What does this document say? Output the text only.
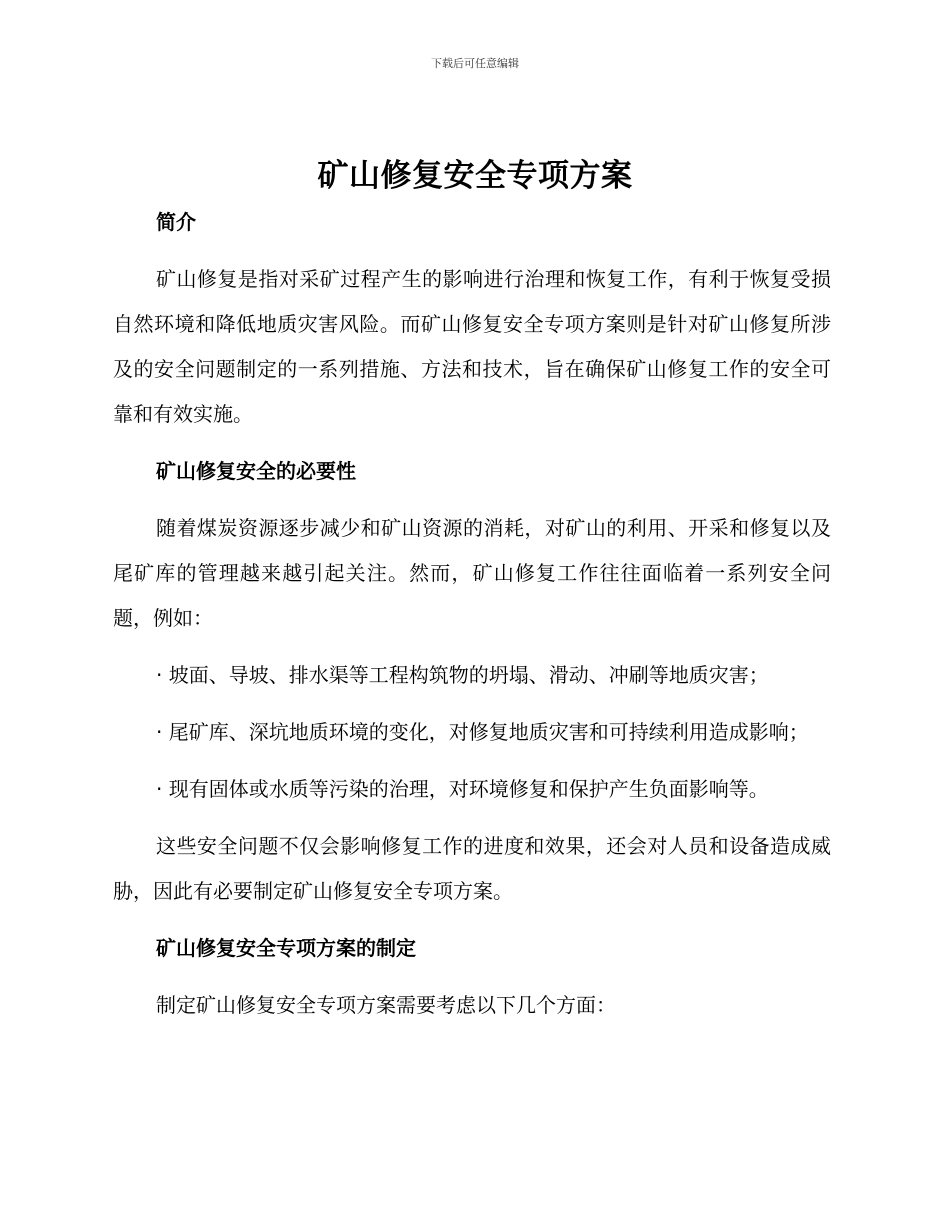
下载后可任意编辑
矿山修复安全专项方案

简介

矿山修复是指对采矿过程产生的影响进行治理和恢复工作，有利于恢复受损自然环境和降低地质灾害风险。而矿山修复安全专项方案则是针对矿山修复所涉及的安全问题制定的一系列措施、方法和技术，旨在确保矿山修复工作的安全可靠和有效实施。

矿山修复安全的必要性

随着煤炭资源逐步减少和矿山资源的消耗，对矿山的利用、开采和修复以及尾矿库的管理越来越引起关注。然而，矿山修复工作往往面临着一系列安全问题，例如：

· 坡面、导坡、排水渠等工程构筑物的坍塌、滑动、冲刷等地质灾害；

· 尾矿库、深坑地质环境的变化，对修复地质灾害和可持续利用造成影响；

· 现有固体或水质等污染的治理，对环境修复和保护产生负面影响等。

这些安全问题不仅会影响修复工作的进度和效果，还会对人员和设备造成威胁，因此有必要制定矿山修复安全专项方案。

矿山修复安全专项方案的制定

制定矿山修复安全专项方案需要考虑以下几个方面：
